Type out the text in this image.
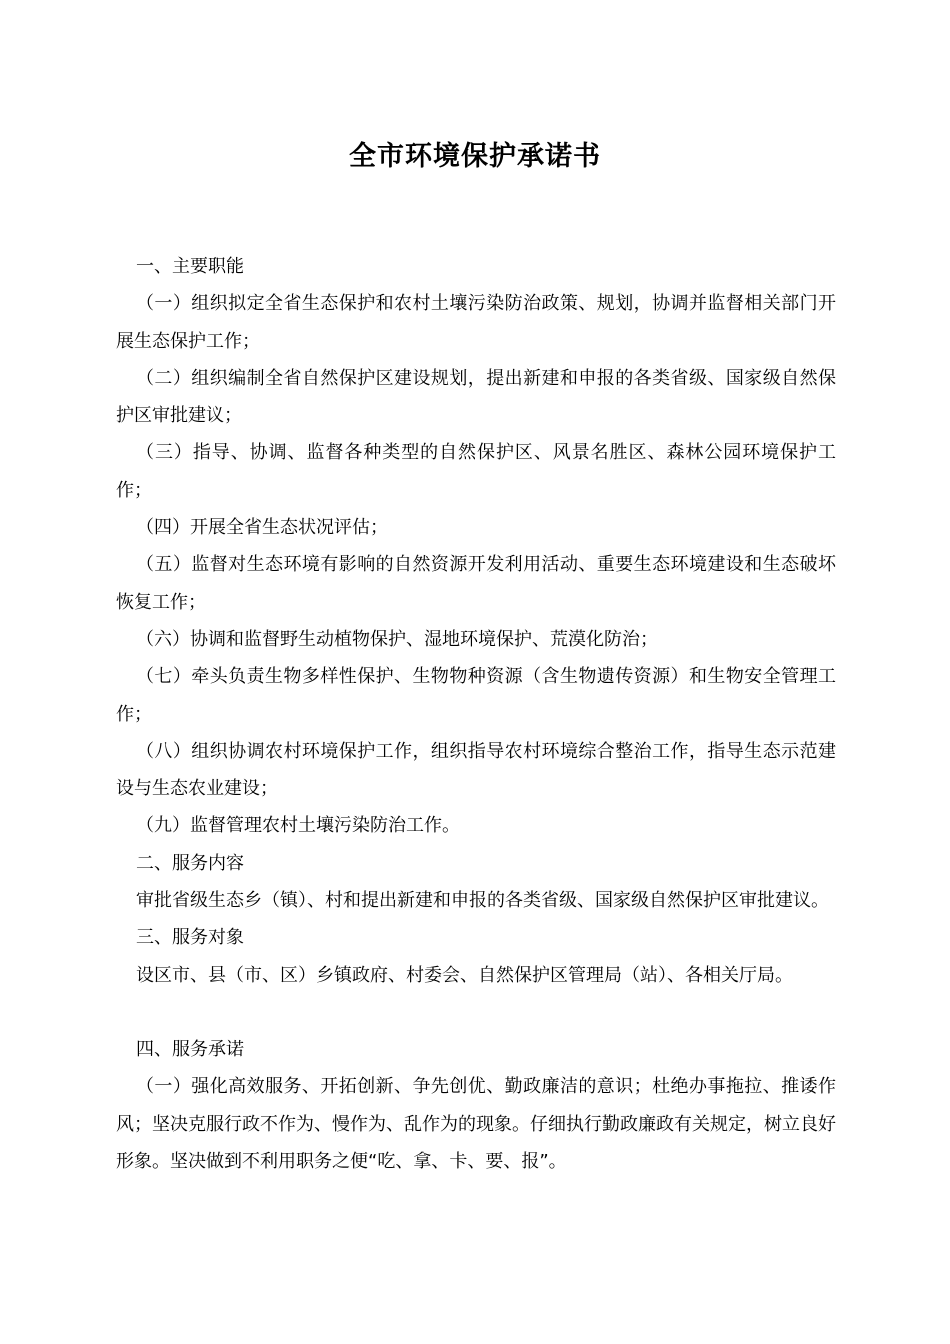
全市环境保护承诺书

一、主要职能

（一）组织拟定全省生态保护和农村土壤污染防治政策、规划，协调并监督相关部门开展生态保护工作；

（二）组织编制全省自然保护区建设规划，提出新建和申报的各类省级、国家级自然保护区审批建议；

（三）指导、协调、监督各种类型的自然保护区、风景名胜区、森林公园环境保护工作；

（四）开展全省生态状况评估；

（五）监督对生态环境有影响的自然资源开发利用活动、重要生态环境建设和生态破坏恢复工作；

（六）协调和监督野生动植物保护、湿地环境保护、荒漠化防治；

（七）牵头负责生物多样性保护、生物物种资源（含生物遗传资源）和生物安全管理工作；

（八）组织协调农村环境保护工作，组织指导农村环境综合整治工作，指导生态示范建设与生态农业建设；

（九）监督管理农村土壤污染防治工作。

二、服务内容

审批省级生态乡（镇）、村和提出新建和申报的各类省级、国家级自然保护区审批建议。

三、服务对象

设区市、县（市、区）乡镇政府、村委会、自然保护区管理局（站）、各相关厅局。

四、服务承诺

（一）强化高效服务、开拓创新、争先创优、勤政廉洁的意识；杜绝办事拖拉、推诿作风；坚决克服行政不作为、慢作为、乱作为的现象。仔细执行勤政廉政有关规定，树立良好形象。坚决做到不利用职务之便“吃、拿、卡、要、报”。
